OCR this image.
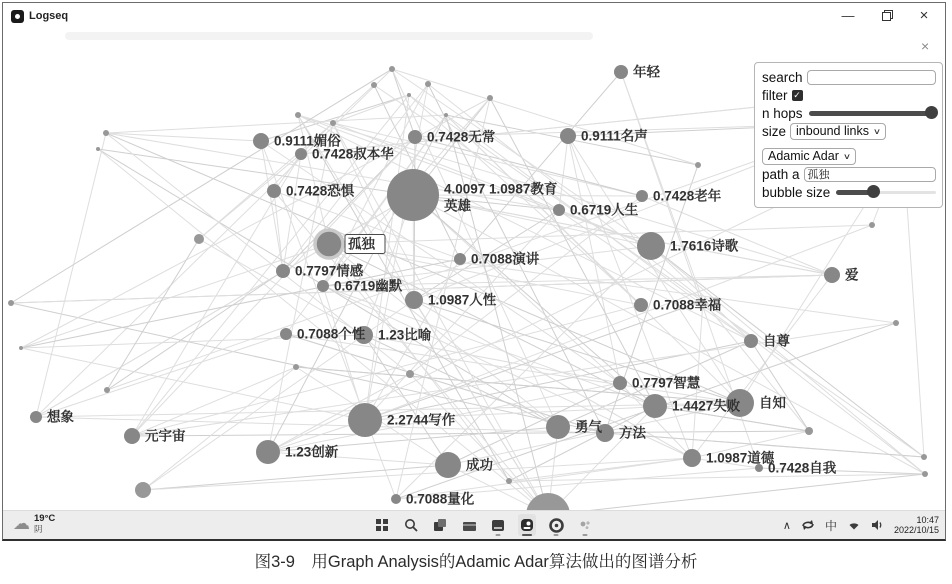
年轻
0.9111媚俗
0.7428叔本华
0.7428无常	0.9111名声
0.7428恐惧	4.0097 1.0987教育英雄	0.6719人生
0.7428老年
1.7616诗歌
孤独
0.7088演讲
0.7797情感
0.6719幽默
1.0987人性	0.7088幸福
爱
0.7088个性 1.23比喻	自尊
0.7797智慧
1.4427失败 自知
勇气 方法
1.0987道德
0.7428自我
想象
元宇宙
1.23创新
2.2744写作
成功
0.7088量化
Logseq	—	×
×
search
filter ✓
n hops
size inbound links ∨
Adamic Adar ∨
path a
孤独
bubble size
☁ 19°C
阴	∧	中	10:47
2022/10/15
图3-9　用Graph Analysis的Adamic Adar算法做出的图谱分析
